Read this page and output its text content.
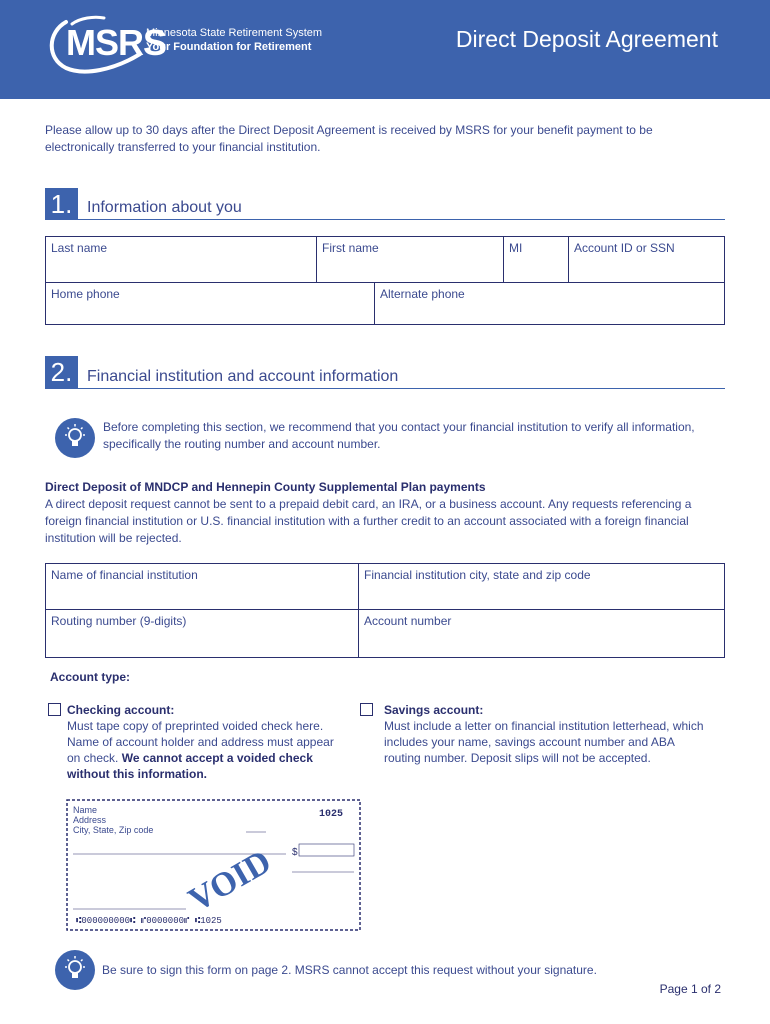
MSRS
Minnesota State Retirement System
Your Foundation for Retirement	Direct Deposit Agreement
Please allow up to 30 days after the Direct Deposit Agreement is received by MSRS for your benefit payment to be electronically transferred to your financial institution.
1. Information about you
Last name	First name	MI	Account ID or SSN
Home phone	Alternate phone
2. Financial institution and account information
Before completing this section, we recommend that you contact your financial institution to verify all information, specifically the routing number and account number.
Direct Deposit of MNDCP and Hennepin County Supplemental Plan payments
A direct deposit request cannot be sent to a prepaid debit card, an IRA, or a business account. Any requests referencing a foreign financial institution or U.S. financial institution with a further credit to an account associated with a foreign financial institution will be rejected.
Name of financial institution	Financial institution city, state and zip code
Routing number (9-digits)	Account number
Account type:
Checking account:
Must tape copy of preprinted voided check here. Name of account holder and address must appear on check. We cannot accept a voided check without this information.
Savings account:
Must include a letter on financial institution letterhead, which includes your name, savings account number and ABA routing number. Deposit slips will not be accepted.
Name
Address
City, State, Zip code
1025
$
VOID
⑆000000000⑆ ⑈0000000⑈ ⑆1025
Be sure to sign this form on page 2. MSRS cannot accept this request without your signature.
Page 1 of 2
